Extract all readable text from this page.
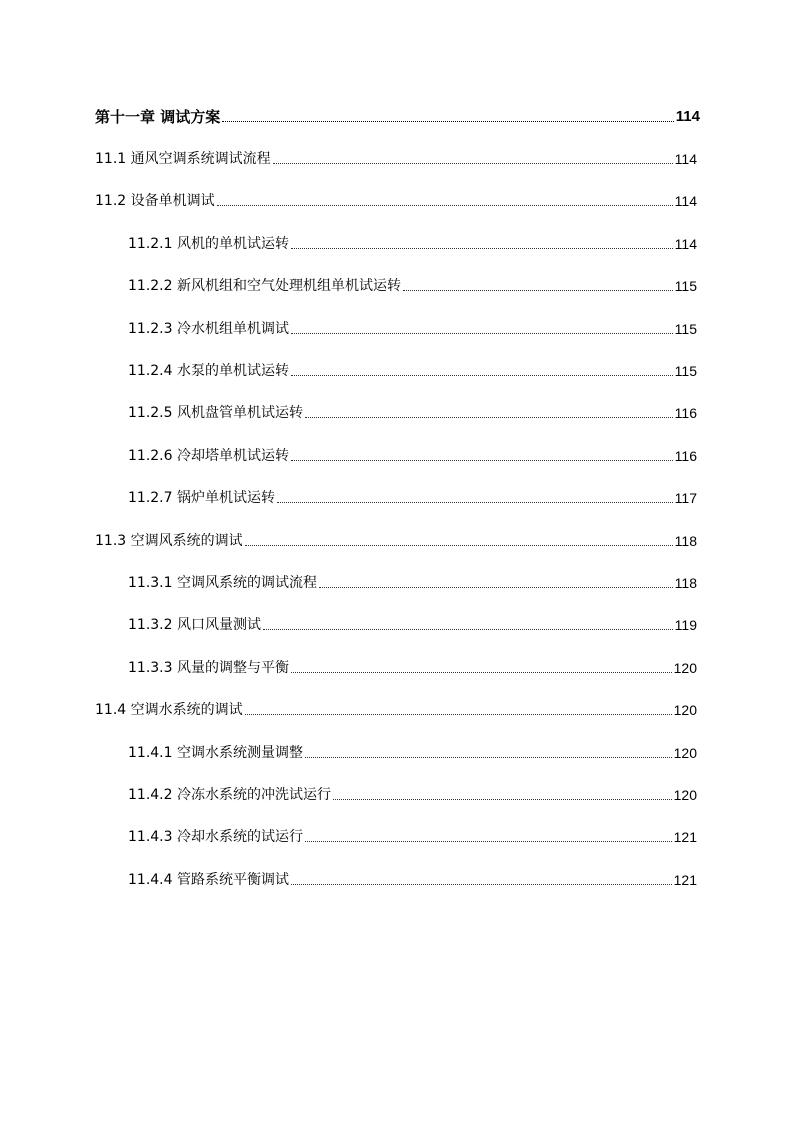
第十一章 调试方案	114
11.1 通风空调系统调试流程	114
11.2 设备单机调试	114
11.2.1 风机的单机试运转	114
11.2.2 新风机组和空气处理机组单机试运转	115
11.2.3 冷水机组单机调试	115
11.2.4 水泵的单机试运转	115
11.2.5 风机盘管单机试运转	116
11.2.6 冷却塔单机试运转	116
11.2.7 锅炉单机试运转	117
11.3 空调风系统的调试	118
11.3.1 空调风系统的调试流程	118
11.3.2 风口风量测试	119
11.3.3 风量的调整与平衡	120
11.4 空调水系统的调试	120
11.4.1 空调水系统测量调整	120
11.4.2 冷冻水系统的冲洗试运行	120
11.4.3 冷却水系统的试运行	121
11.4.4 管路系统平衡调试	121
